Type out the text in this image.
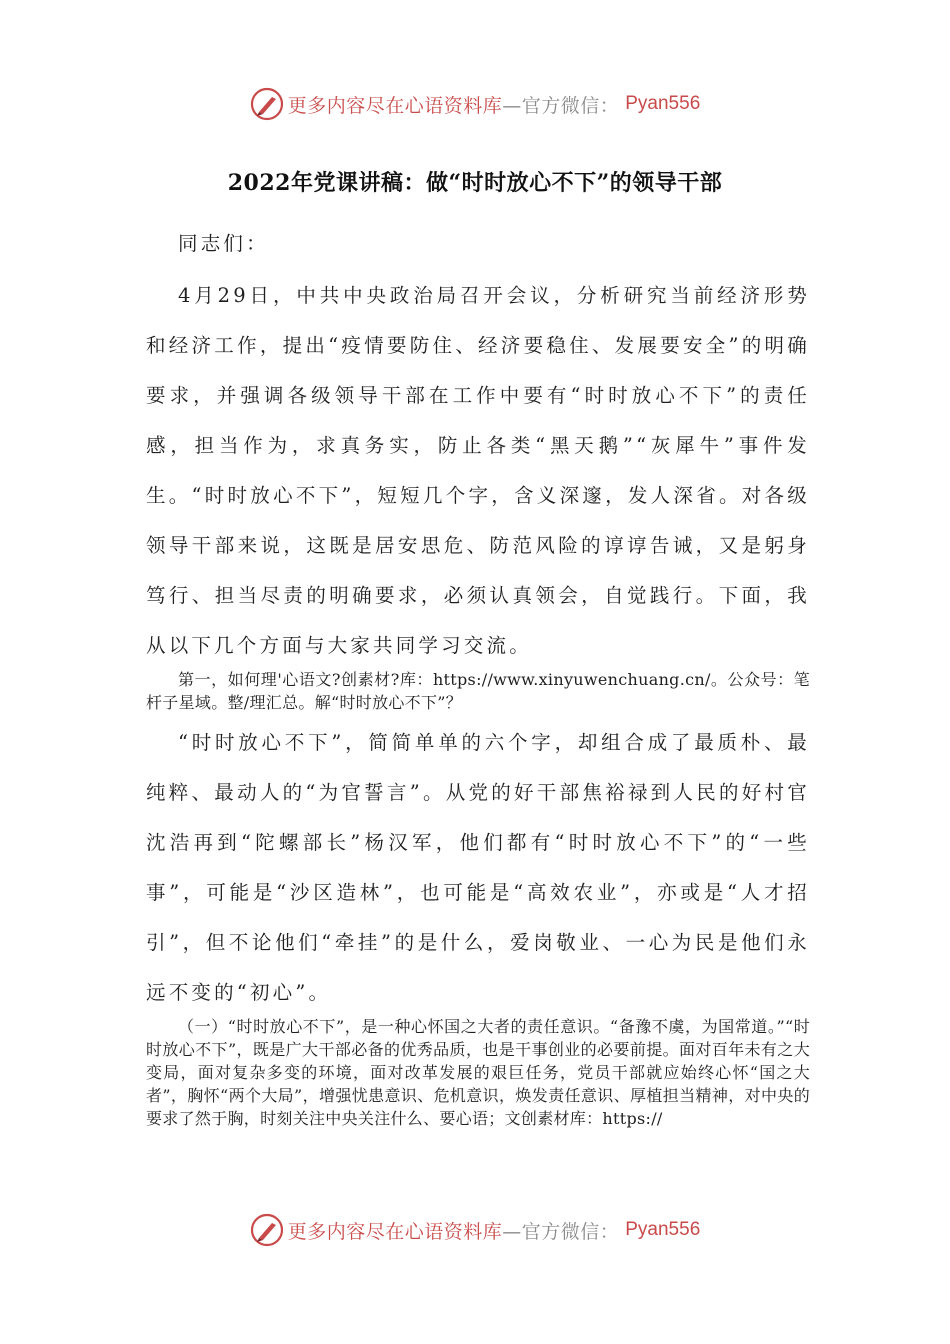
更多内容尽在心语资料库 —官方微信： Pyan556
2022年党课讲稿：做“时时放心不下”的领导干部

同志们：

4月29日，中共中央政治局召开会议，分析研究当前经济形势和经济工作，提出“疫情要防住、经济要稳住、发展要安全”的明确要求，并强调各级领导干部在工作中要有“时时放心不下”的责任感，担当作为，求真务实，防止各类“黑天鹅”“灰犀牛”事件发生。“时时放心不下”，短短几个字，含义深邃，发人深省。对各级领导干部来说，这既是居安思危、防范风险的谆谆告诫，又是躬身笃行、担当尽责的明确要求，必须认真领会，自觉践行。下面，我从以下几个方面与大家共同学习交流。

第一，如何理'心语文?创素材?库：https://www.xinyuwenchuang.cn/。公众号：笔杆子星域。整/理汇总。解“时时放心不下”？

“时时放心不下”，简简单单的六个字，却组合成了最质朴、最纯粹、最动人的“为官誓言”。从党的好干部焦裕禄到人民的好村官沈浩再到“陀螺部长”杨汉军，他们都有“时时放心不下”的“一些事”，可能是“沙区造林”，也可能是“高效农业”，亦或是“人才招引”，但不论他们“牵挂”的是什么，爱岗敬业、一心为民是他们永远不变的“初心”。

（一）“时时放心不下”，是一种心怀国之大者的责任意识。“备豫不虞，为国常道。”“时时放心不下”，既是广大干部必备的优秀品质，也是干事创业的必要前提。面对百年未有之大变局，面对复杂多变的环境，面对改革发展的艰巨任务，党员干部就应始终心怀“国之大者”，胸怀“两个大局”，增强忧患意识、危机意识，焕发责任意识、厚植担当精神，对中央的要求了然于胸，时刻关注中央关注什么、要心语；文创素材库：https://

更多内容尽在心语资料库 —官方微信： Pyan556
